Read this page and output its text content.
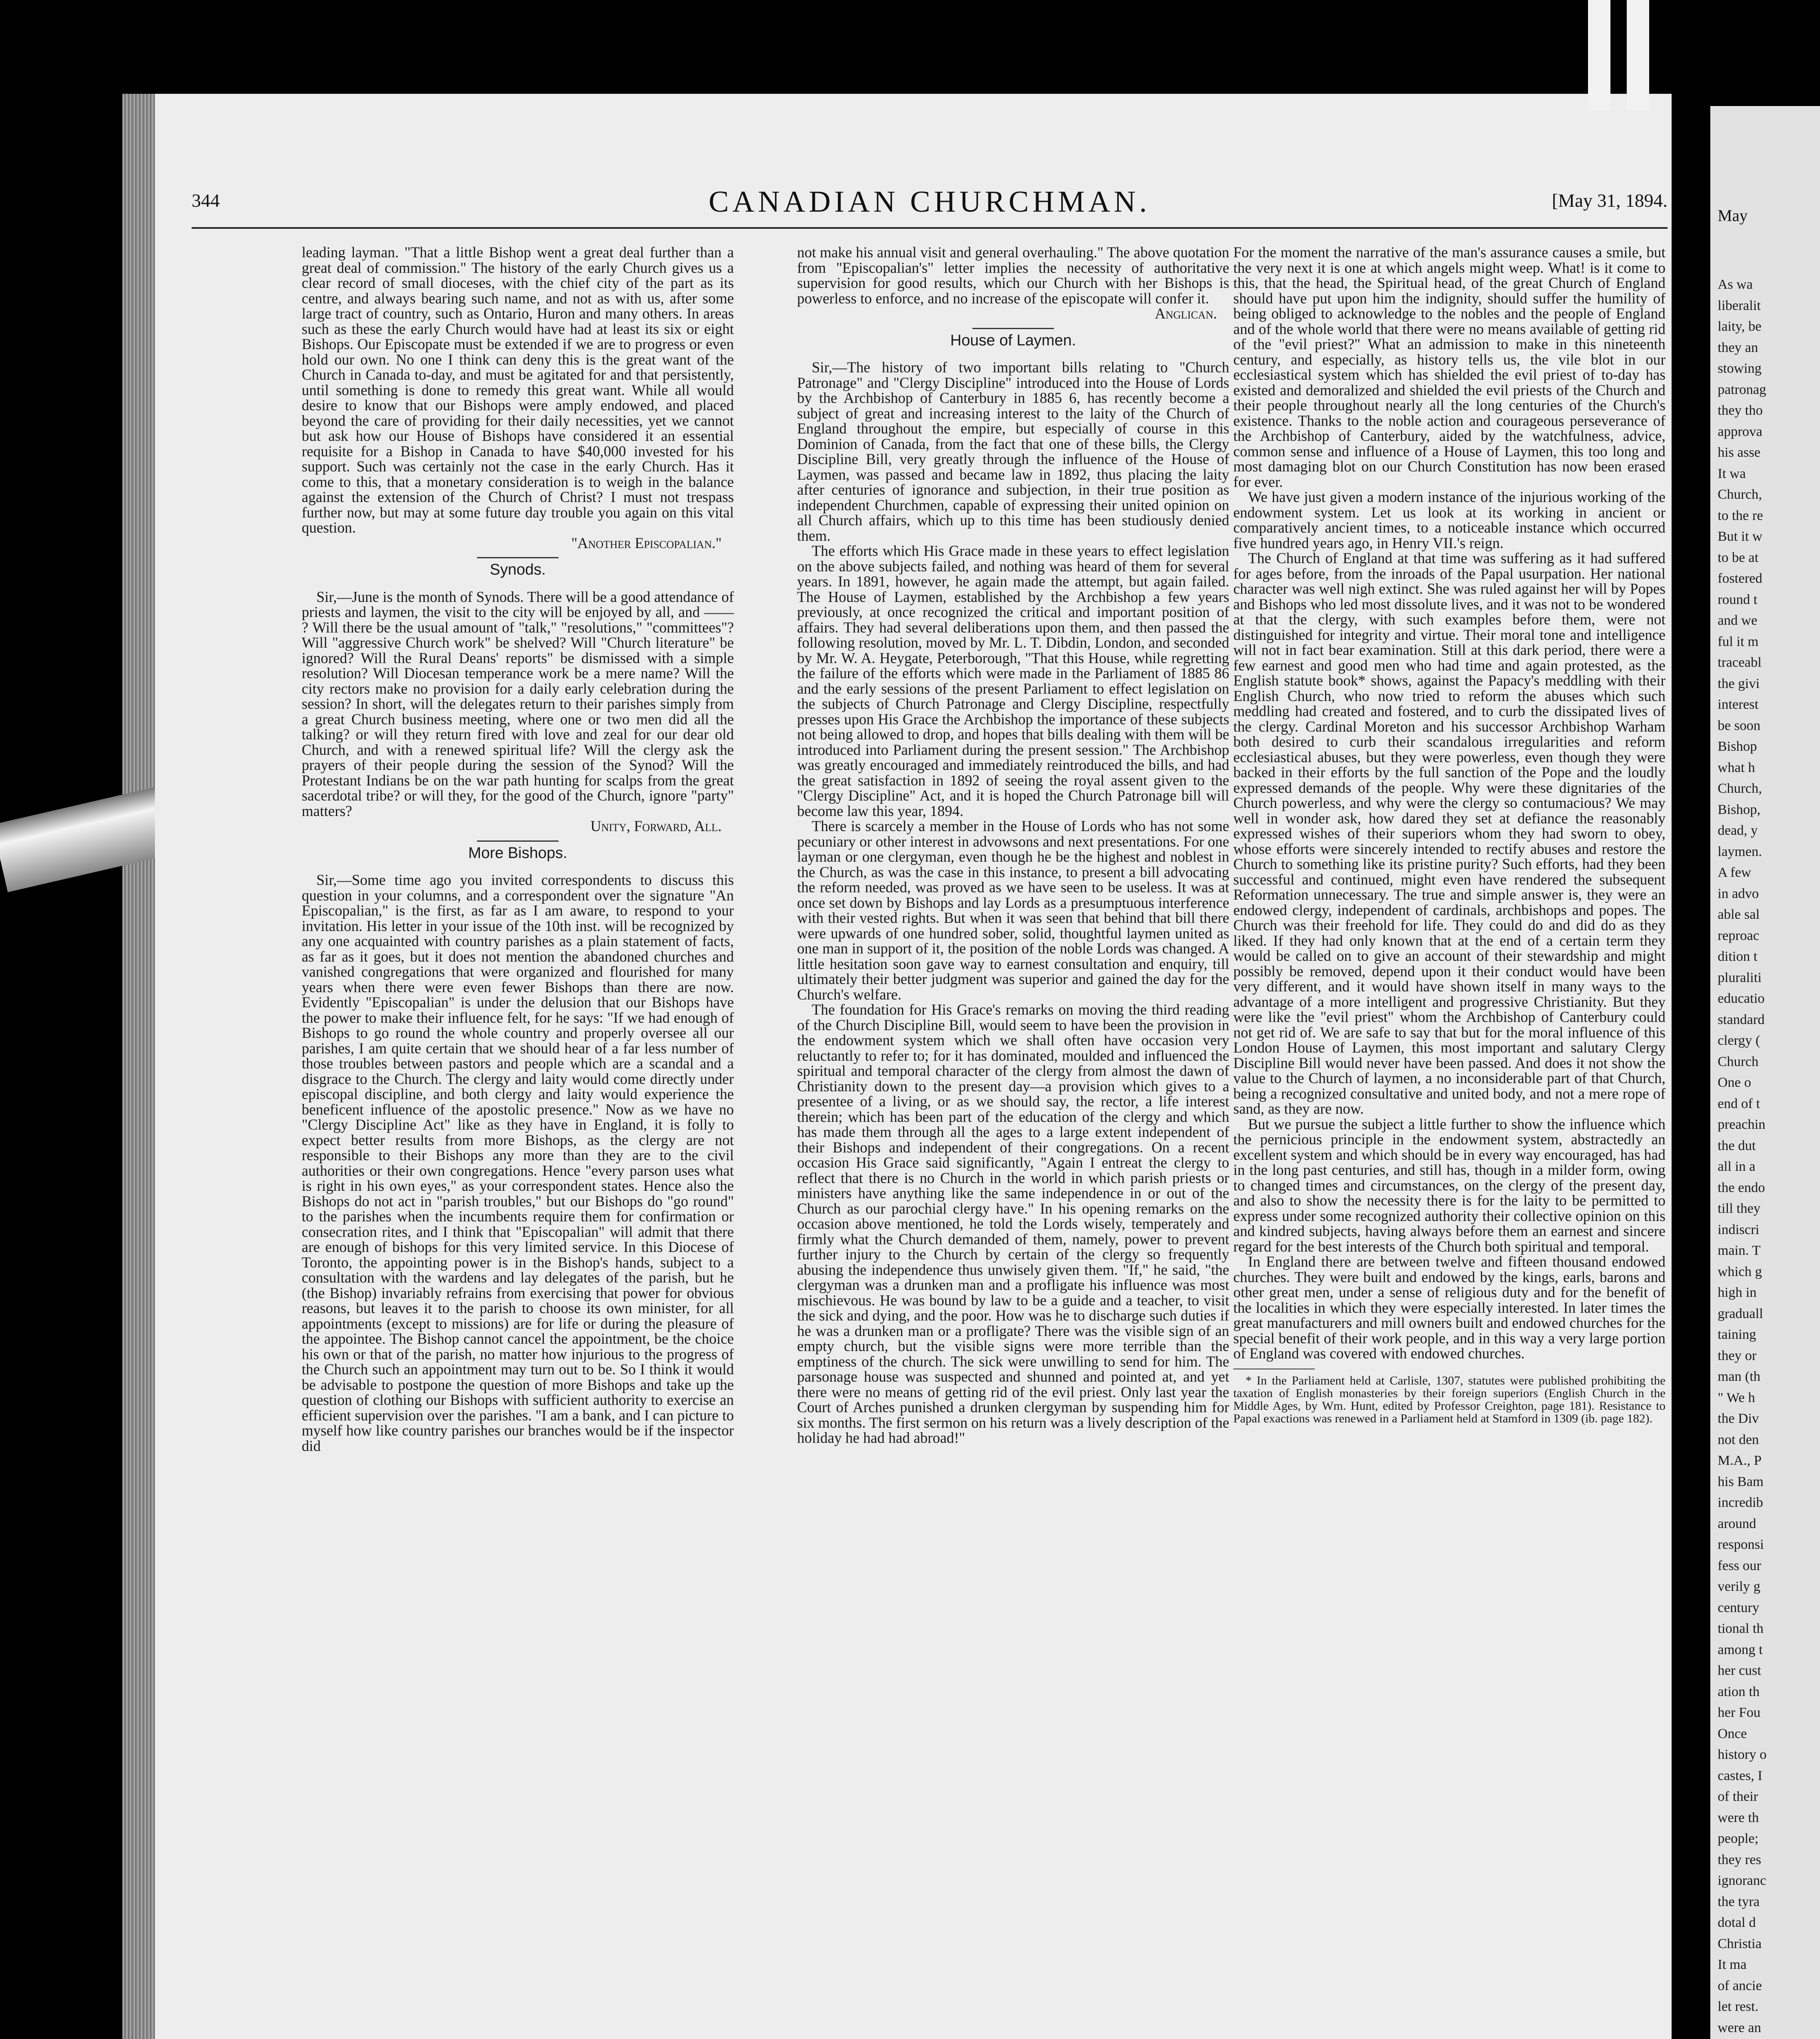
344	CANADIAN CHURCHMAN.	[May 31, 1894.

leading layman. "That a little Bishop went a great deal further than a great deal of commission." The history of the early Church gives us a clear record of small dioceses, with the chief city of the part as its centre, and always bearing such name, and not as with us, after some large tract of country, such as Ontario, Huron and many others. In areas such as these the early Church would have had at least its six or eight Bishops. Our Episcopate must be extended if we are to progress or even hold our own. No one I think can deny this is the great want of the Church in Canada to-day, and must be agitated for and that persistently, until something is done to remedy this great want. While all would desire to know that our Bishops were amply endowed, and placed beyond the care of providing for their daily necessities, yet we cannot but ask how our House of Bishops have considered it an essential requisite for a Bishop in Canada to have $40,000 invested for his support. Such was certainly not the case in the early Church. Has it come to this, that a monetary consideration is to weigh in the balance against the extension of the Church of Christ? I must not trespass further now, but may at some future day trouble you again on this vital question.

"Another Episcopalian."

Synods.

Sir,—June is the month of Synods. There will be a good attendance of priests and laymen, the visit to the city will be enjoyed by all, and —— ? Will there be the usual amount of "talk," "resolutions," "committees"? Will "aggressive Church work" be shelved? Will "Church literature" be ignored? Will the Rural Deans' reports" be dismissed with a simple resolution? Will Diocesan temperance work be a mere name? Will the city rectors make no provision for a daily early celebration during the session? In short, will the delegates return to their parishes simply from a great Church business meeting, where one or two men did all the talking? or will they return fired with love and zeal for our dear old Church, and with a renewed spiritual life? Will the clergy ask the prayers of their people during the session of the Synod? Will the Protestant Indians be on the war path hunting for scalps from the great sacerdotal tribe? or will they, for the good of the Church, ignore "party" matters?

Unity, Forward, All.

More Bishops.

Sir,—Some time ago you invited correspondents to discuss this question in your columns, and a correspondent over the signature "An Episcopalian," is the first, as far as I am aware, to respond to your invitation. His letter in your issue of the 10th inst. will be recognized by any one acquainted with country parishes as a plain statement of facts, as far as it goes, but it does not mention the abandoned churches and vanished congregations that were organized and flourished for many years when there were even fewer Bishops than there are now. Evidently "Episcopalian" is under the delusion that our Bishops have the power to make their influence felt, for he says: "If we had enough of Bishops to go round the whole country and properly oversee all our parishes, I am quite certain that we should hear of a far less number of those troubles between pastors and people which are a scandal and a disgrace to the Church. The clergy and laity would come directly under episcopal discipline, and both clergy and laity would experience the beneficent influence of the apostolic presence." Now as we have no "Clergy Discipline Act" like as they have in England, it is folly to expect better results from more Bishops, as the clergy are not responsible to their Bishops any more than they are to the civil authorities or their own congregations. Hence "every parson uses what is right in his own eyes," as your correspondent states. Hence also the Bishops do not act in "parish troubles," but our Bishops do "go round" to the parishes when the incumbents require them for confirmation or consecration rites, and I think that "Episcopalian" will admit that there are enough of bishops for this very limited service. In this Diocese of Toronto, the appointing power is in the Bishop's hands, subject to a consultation with the wardens and lay delegates of the parish, but he (the Bishop) invariably refrains from exercising that power for obvious reasons, but leaves it to the parish to choose its own minister, for all appointments (except to missions) are for life or during the pleasure of the appointee. The Bishop cannot cancel the appointment, be the choice his own or that of the parish, no matter how injurious to the progress of the Church such an appointment may turn out to be. So I think it would be advisable to postpone the question of more Bishops and take up the question of clothing our Bishops with sufficient authority to exercise an efficient supervision over the parishes. "I am a bank, and I can picture to myself how like country parishes our branches would be if the inspector did

not make his annual visit and general overhauling." The above quotation from "Episcopalian's" letter implies the necessity of authoritative supervision for good results, which our Church with her Bishops is powerless to enforce, and no increase of the episcopate will confer it.

Anglican.

House of Laymen.

Sir,—The history of two important bills relating to "Church Patronage" and "Clergy Discipline" introduced into the House of Lords by the Archbishop of Canterbury in 1885 6, has recently become a subject of great and increasing interest to the laity of the Church of England throughout the empire, but especially of course in this Dominion of Canada, from the fact that one of these bills, the Clergy Discipline Bill, very greatly through the influence of the House of Laymen, was passed and became law in 1892, thus placing the laity after centuries of ignorance and subjection, in their true position as independent Churchmen, capable of expressing their united opinion on all Church affairs, which up to this time has been studiously denied them.

The efforts which His Grace made in these years to effect legislation on the above subjects failed, and nothing was heard of them for several years. In 1891, however, he again made the attempt, but again failed. The House of Laymen, established by the Archbishop a few years previously, at once recognized the critical and important position of affairs. They had several deliberations upon them, and then passed the following resolution, moved by Mr. L. T. Dibdin, London, and seconded by Mr. W. A. Heygate, Peterborough, "That this House, while regretting the failure of the efforts which were made in the Parliament of 1885 86 and the early sessions of the present Parliament to effect legislation on the subjects of Church Patronage and Clergy Discipline, respectfully presses upon His Grace the Archbishop the importance of these subjects not being allowed to drop, and hopes that bills dealing with them will be introduced into Parliament during the present session." The Archbishop was greatly encouraged and immediately reintroduced the bills, and had the great satisfaction in 1892 of seeing the royal assent given to the "Clergy Discipline" Act, and it is hoped the Church Patronage bill will become law this year, 1894.

There is scarcely a member in the House of Lords who has not some pecuniary or other interest in advowsons and next presentations. For one layman or one clergyman, even though he be the highest and noblest in the Church, as was the case in this instance, to present a bill advocating the reform needed, was proved as we have seen to be useless. It was at once set down by Bishops and lay Lords as a presumptuous interference with their vested rights. But when it was seen that behind that bill there were upwards of one hundred sober, solid, thoughtful laymen united as one man in support of it, the position of the noble Lords was changed. A little hesitation soon gave way to earnest consultation and enquiry, till ultimately their better judgment was superior and gained the day for the Church's welfare.

The foundation for His Grace's remarks on moving the third reading of the Church Discipline Bill, would seem to have been the provision in the endowment system which we shall often have occasion very reluctantly to refer to; for it has dominated, moulded and influenced the spiritual and temporal character of the clergy from almost the dawn of Christianity down to the present day—a provision which gives to a presentee of a living, or as we should say, the rector, a life interest therein; which has been part of the education of the clergy and which has made them through all the ages to a large extent independent of their Bishops and independent of their congregations. On a recent occasion His Grace said significantly, "Again I entreat the clergy to reflect that there is no Church in the world in which parish priests or ministers have anything like the same independence in or out of the Church as our parochial clergy have." In his opening remarks on the occasion above mentioned, he told the Lords wisely, temperately and firmly what the Church demanded of them, namely, power to prevent further injury to the Church by certain of the clergy so frequently abusing the independence thus unwisely given them. "If," he said, "the clergyman was a drunken man and a profligate his influence was most mischievous. He was bound by law to be a guide and a teacher, to visit the sick and dying, and the poor. How was he to discharge such duties if he was a drunken man or a profligate? There was the visible sign of an empty church, but the visible signs were more terrible than the emptiness of the church. The sick were unwilling to send for him. The parsonage house was suspected and shunned and pointed at, and yet there were no means of getting rid of the evil priest. Only last year the Court of Arches punished a drunken clergyman by suspending him for six months. The first sermon on his return was a lively description of the holiday he had had abroad!"

For the moment the narrative of the man's assurance causes a smile, but the very next it is one at which angels might weep. What! is it come to this, that the head, the Spiritual head, of the great Church of England should have put upon him the indignity, should suffer the humility of being obliged to acknowledge to the nobles and the people of England and of the whole world that there were no means available of getting rid of the "evil priest?" What an admission to make in this nineteenth century, and especially, as history tells us, the vile blot in our ecclesiastical system which has shielded the evil priest of to-day has existed and demoralized and shielded the evil priests of the Church and their people throughout nearly all the long centuries of the Church's existence. Thanks to the noble action and courageous perseverance of the Archbishop of Canterbury, aided by the watchfulness, advice, common sense and influence of a House of Laymen, this too long and most damaging blot on our Church Constitution has now been erased for ever.

We have just given a modern instance of the injurious working of the endowment system. Let us look at its working in ancient or comparatively ancient times, to a noticeable instance which occurred five hundred years ago, in Henry VII.'s reign.

The Church of England at that time was suffering as it had suffered for ages before, from the inroads of the Papal usurpation. Her national character was well nigh extinct. She was ruled against her will by Popes and Bishops who led most dissolute lives, and it was not to be wondered at that the clergy, with such examples before them, were not distinguished for integrity and virtue. Their moral tone and intelligence will not in fact bear examination. Still at this dark period, there were a few earnest and good men who had time and again protested, as the English statute book* shows, against the Papacy's meddling with their English Church, who now tried to reform the abuses which such meddling had created and fostered, and to curb the dissipated lives of the clergy. Cardinal Moreton and his successor Archbishop Warham both desired to curb their scandalous irregularities and reform ecclesiastical abuses, but they were powerless, even though they were backed in their efforts by the full sanction of the Pope and the loudly expressed demands of the people. Why were these dignitaries of the Church powerless, and why were the clergy so contumacious? We may well in wonder ask, how dared they set at defiance the reasonably expressed wishes of their superiors whom they had sworn to obey, whose efforts were sincerely intended to rectify abuses and restore the Church to something like its pristine purity? Such efforts, had they been successful and continued, might even have rendered the subsequent Reformation unnecessary. The true and simple answer is, they were an endowed clergy, independent of cardinals, archbishops and popes. The Church was their freehold for life. They could do and did do as they liked. If they had only known that at the end of a certain term they would be called on to give an account of their stewardship and might possibly be removed, depend upon it their conduct would have been very different, and it would have shown itself in many ways to the advantage of a more intelligent and progressive Christianity. But they were like the "evil priest" whom the Archbishop of Canterbury could not get rid of. We are safe to say that but for the moral influence of this London House of Laymen, this most important and salutary Clergy Discipline Bill would never have been passed. And does it not show the value to the Church of laymen, a no inconsiderable part of that Church, being a recognized consultative and united body, and not a mere rope of sand, as they are now.

But we pursue the subject a little further to show the influence which the pernicious principle in the endowment system, abstractedly an excellent system and which should be in every way encouraged, has had in the long past centuries, and still has, though in a milder form, owing to changed times and circumstances, on the clergy of the present day, and also to show the necessity there is for the laity to be permitted to express under some recognized authority their collective opinion on this and kindred subjects, having always before them an earnest and sincere regard for the best interests of the Church both spiritual and temporal.

In England there are between twelve and fifteen thousand endowed churches. They were built and endowed by the kings, earls, barons and other great men, under a sense of religious duty and for the benefit of the localities in which they were especially interested. In later times the great manufacturers and mill owners built and endowed churches for the special benefit of their work people, and in this way a very large portion of England was covered with endowed churches.

* In the Parliament held at Carlisle, 1307, statutes were published prohibiting the taxation of English monasteries by their foreign superiors (English Church in the Middle Ages, by Wm. Hunt, edited by Professor Creighton, page 181). Resistance to Papal exactions was renewed in a Parliament held at Stamford in 1309 (ib. page 182).

May
As wa
liberalit
laity, be
they an
stowing
patronag
they tho
approva
his asse
It wa
Church,
to the re
But it w
to be at
fostered
round t
and we
ful it m
traceabl
the givi
interest
be soon
Bishop
what h
Church,
Bishop,
dead, y
laymen.
A few
in advo
able sal
reproac
dition t
pluraliti
educatio
standard
clergy (
Church
One o
end of t
preachin
the dut
all in a
the endo
till they
indiscri
main. T
which g
high in
graduall
taining
they or
man (th
" We h
the Div
not den
M.A., P
his Bam
incredib
around
responsi
fess our
verily g
century
tional th
among t
her cust
ation th
her Fou
Once
history o
castes, I
of their
were th
people;
they res
ignoranc
the tyra
dotal d
Christia
It ma
of ancie
let rest.
were an
